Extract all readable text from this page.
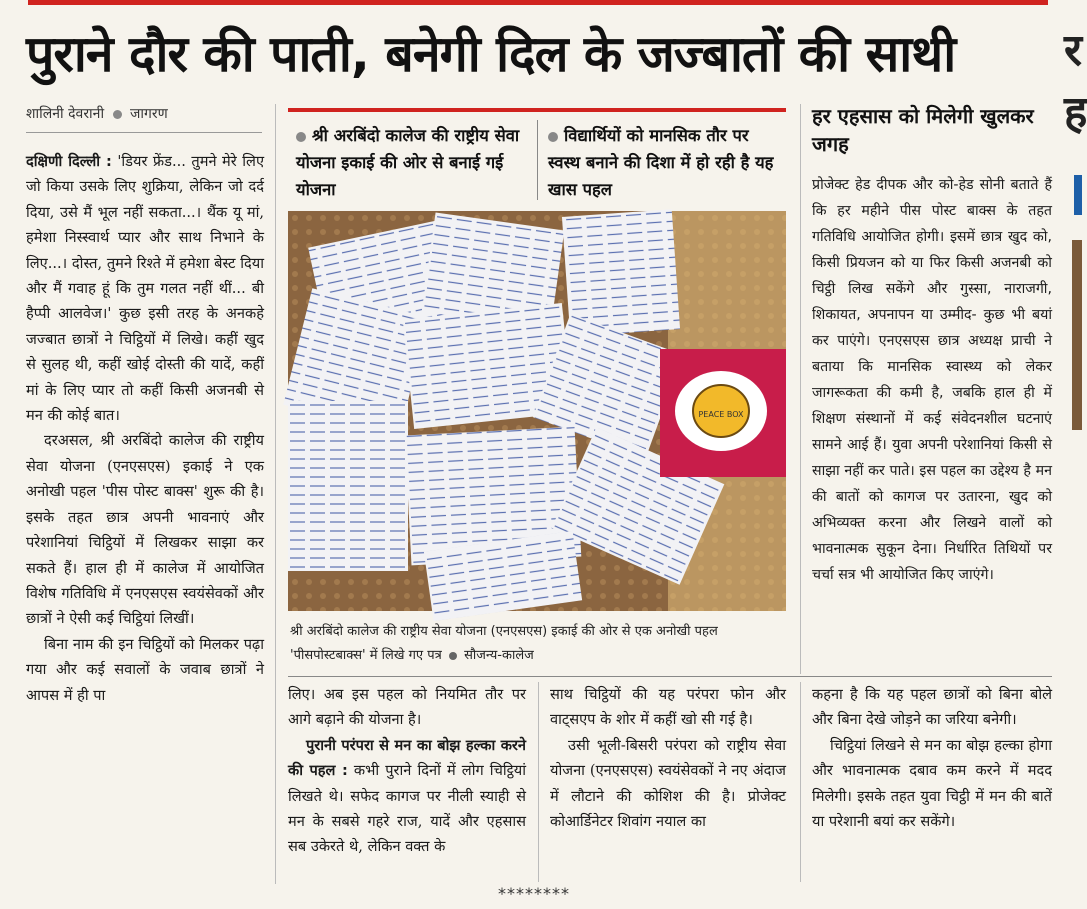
पुराने दौर की पाती, बनेगी दिल के जज्बातों की साथी	र
ह
शालिनी देवरानी जागरण

दक्षिणी दिल्ली : 'डियर फ्रेंड... तुमने मेरे लिए जो किया उसके लिए शुक्रिया, लेकिन जो दर्द दिया, उसे मैं भूल नहीं सकता...। थैंक यू मां, हमेशा निस्स्वार्थ प्यार और साथ निभाने के लिए...। दोस्त, तुमने रिश्ते में हमेशा बेस्ट दिया और मैं गवाह हूं कि तुम गलत नहीं थीं... बी हैप्पी आलवेज।' कुछ इसी तरह के अनकहे जज्बात छात्रों ने चिट्ठियों में लिखे। कहीं खुद से सुलह थी, कहीं खोई दोस्ती की यादें, कहीं मां के लिए प्यार तो कहीं किसी अजनबी से मन की कोई बात।

दरअसल, श्री अरबिंदो कालेज की राष्ट्रीय सेवा योजना (एनएसएस) इकाई ने एक अनोखी पहल 'पीस पोस्ट बाक्स' शुरू की है। इसके तहत छात्र अपनी भावनाएं और परेशानियां चिट्ठियों में लिखकर साझा कर सकते हैं। हाल ही में कालेज में आयोजित विशेष गतिविधि में एनएसएस स्वयंसेवकों और छात्रों ने ऐसी कई चिट्ठियां लिखीं।

बिना नाम की इन चिट्ठियों को मिलकर पढ़ा गया और कई सवालों के जवाब छात्रों ने आपस में ही पा

श्री अरबिंदो कालेज की राष्ट्रीय सेवा योजना इकाई की ओर से बनाई गई योजना
विद्यार्थियों को मानसिक तौर पर स्वस्थ बनाने की दिशा में हो रही है यह खास पहल
PEACE BOX
श्री अरबिंदो कालेज की राष्ट्रीय सेवा योजना (एनएसएस) इकाई की ओर से एक अनोखी पहल 'पीसपोस्टबाक्स' में लिखे गए पत्र सौजन्य-कालेज
हर एहसास को मिलेगी खुलकर जगह
प्रोजेक्ट हेड दीपक और को-हेड सोनी बताते हैं कि हर महीने पीस पोस्ट बाक्स के तहत गतिविधि आयोजित होगी। इसमें छात्र खुद को, किसी प्रियजन को या फिर किसी अजनबी को चिट्ठी लिख सकेंगे और गुस्सा, नाराजगी, शिकायत, अपनापन या उम्मीद- कुछ भी बयां कर पाएंगे। एनएसएस छात्र अध्यक्ष प्राची ने बताया कि मानसिक स्वास्थ्य को लेकर जागरूकता की कमी है, जबकि हाल ही में शिक्षण संस्थानों में कई संवेदनशील घटनाएं सामने आई हैं। युवा अपनी परेशानियां किसी से साझा नहीं कर पाते। इस पहल का उद्देश्य है मन की बातों को कागज पर उतारना, खुद को अभिव्यक्त करना और लिखने वालों को भावनात्मक सुकून देना। निर्धारित तिथियों पर चर्चा सत्र भी आयोजित किए जाएंगे।

लिए। अब इस पहल को नियमित तौर पर आगे बढ़ाने की योजना है।

पुरानी परंपरा से मन का बोझ हल्का करने की पहल : कभी पुराने दिनों में लोग चिट्ठियां लिखते थे। सफेद कागज पर नीली स्याही से मन के सबसे गहरे राज, यादें और एहसास सब उकेरते थे, लेकिन वक्त के

साथ चिट्ठियों की यह परंपरा फोन और वाट्सएप के शोर में कहीं खो सी गई है।

उसी भूली-बिसरी परंपरा को राष्ट्रीय सेवा योजना (एनएसएस) स्वयंसेवकों ने नए अंदाज में लौटाने की कोशिश की है। प्रोजेक्ट कोआर्डिनेटर शिवांग नयाल का

कहना है कि यह पहल छात्रों को बिना बोले और बिना देखे जोड़ने का जरिया बनेगी।

चिट्ठियां लिखने से मन का बोझ हल्का होगा और भावनात्मक दबाव कम करने में मदद मिलेगी। इसके तहत युवा चिट्ठी में मन की बातें या परेशानी बयां कर सकेंगे।

********
